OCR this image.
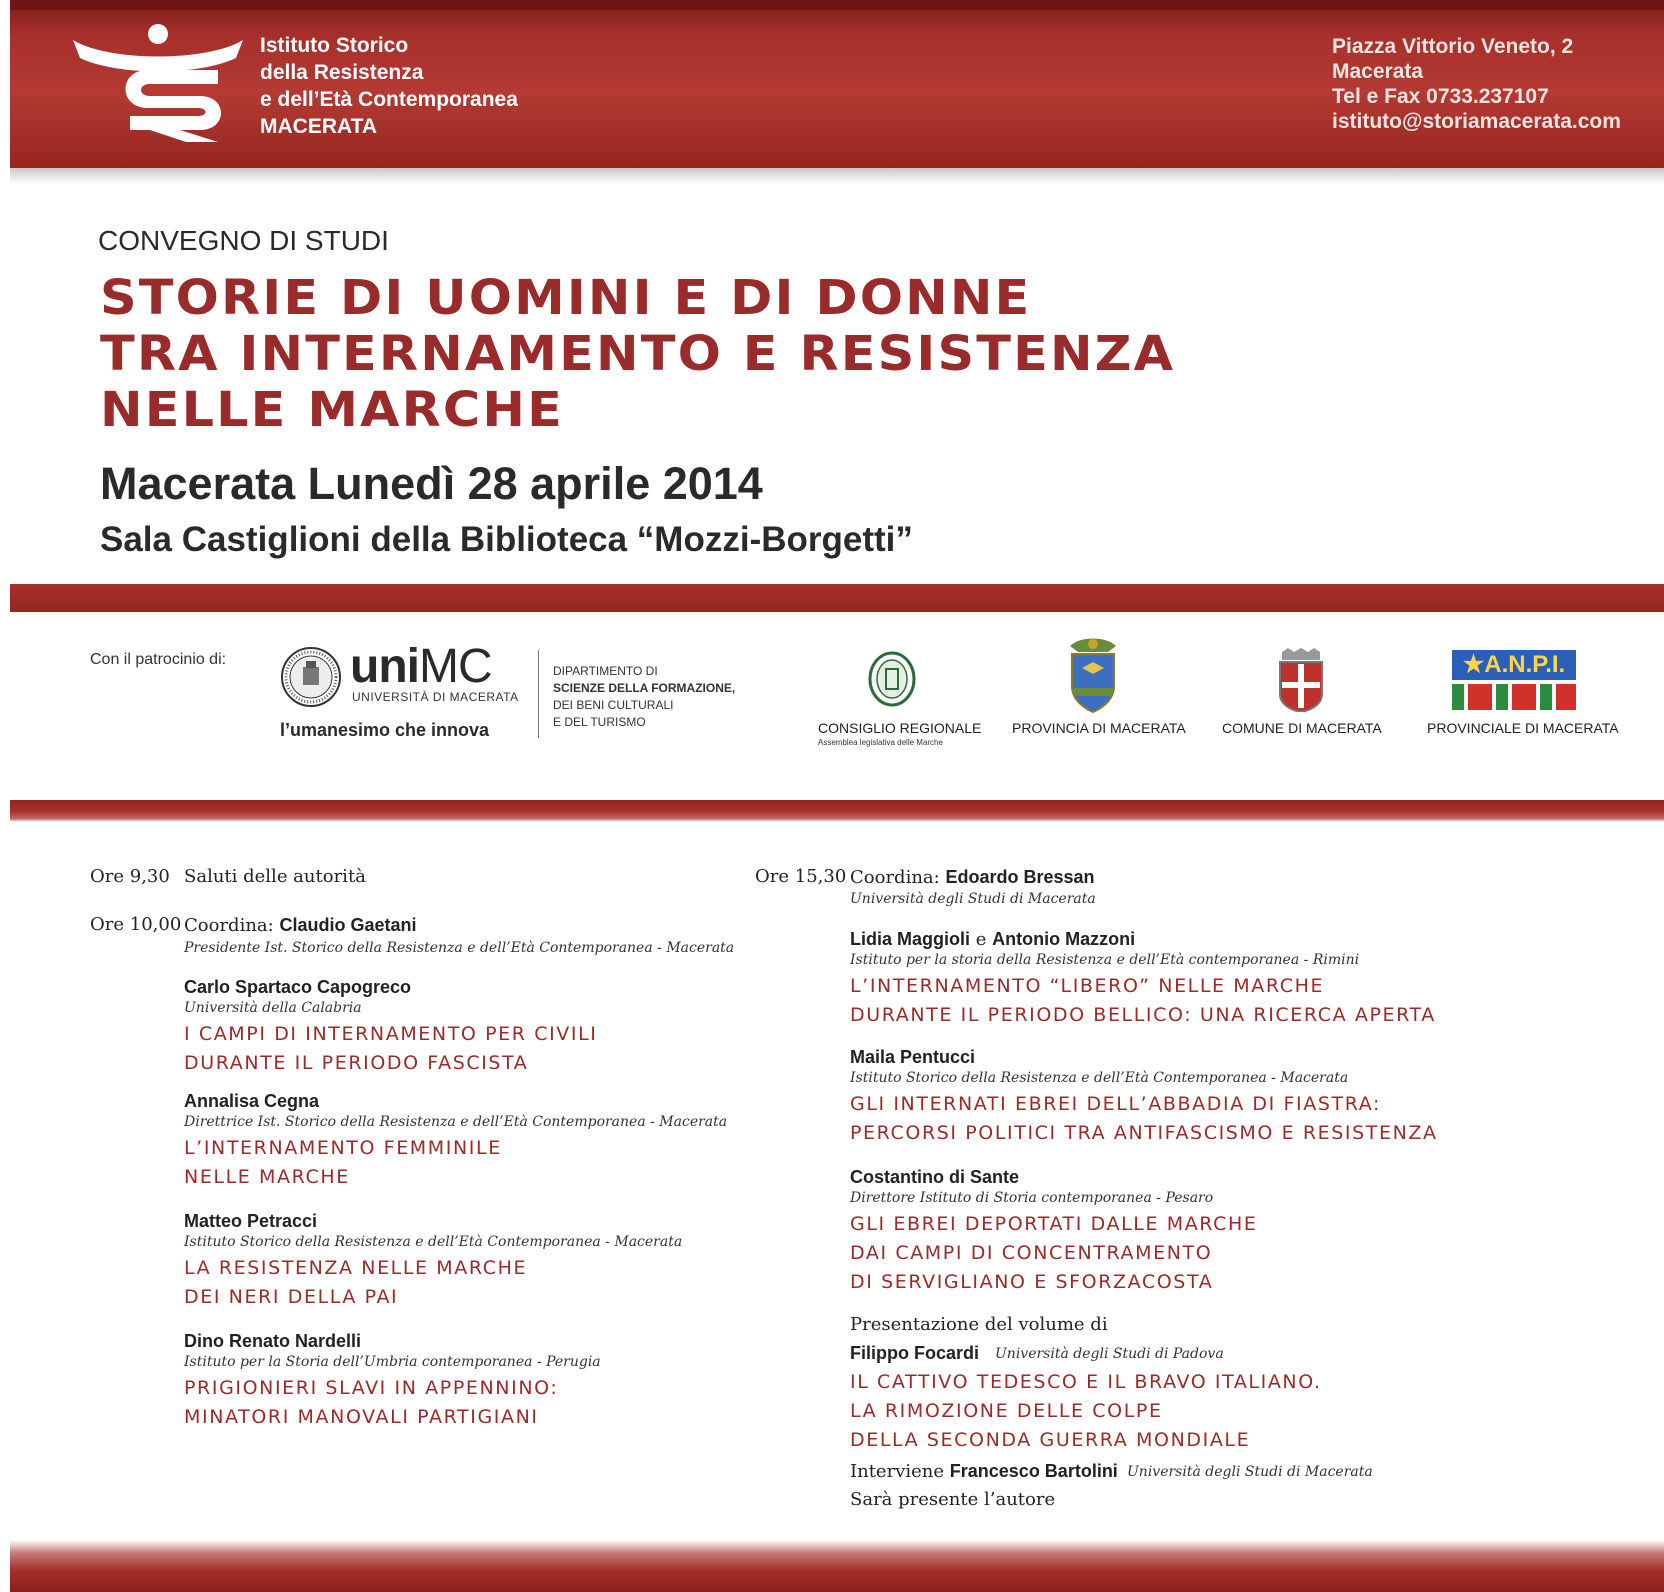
Istituto Storico
della Resistenza
e dell’Età Contemporanea
MACERATA
Piazza Vittorio Veneto, 2
Macerata
Tel e Fax 0733.237107
istituto@storiamacerata.com
CONVEGNO DI STUDI
STORIE DI UOMINI E DI DONNE
TRA INTERNAMENTO E RESISTENZA
NELLE MARCHE
Macerata Lunedì 28 aprile 2014
Sala Castiglioni della Biblioteca “Mozzi-Borgetti”
Con il patrocinio di:	uniMC
UNIVERSITÀ DI MACERATA
l’umanesimo che innova
DIPARTIMENTO DI
SCIENZE DELLA FORMAZIONE,
DEI BENI CULTURALI
E DEL TURISMO	CONSIGLIO REGIONALE
Assemblea legislativa delle Marche
PROVINCIA DI MACERATA	COMUNE DI MACERATA
★A.N.P.I.
PROVINCIALE DI MACERATA
Ore 9,30 Saluti delle autorità
Ore 10,00 Coordina: Claudio Gaetani
Presidente Ist. Storico della Resistenza e dell’Età Contemporanea - Macerata
Carlo Spartaco Capogreco
Università della Calabria
I CAMPI DI INTERNAMENTO PER CIVILI
DURANTE IL PERIODO FASCISTA
Annalisa Cegna
Direttrice Ist. Storico della Resistenza e dell’Età Contemporanea - Macerata
L’INTERNAMENTO FEMMINILE
NELLE MARCHE
Matteo Petracci
Istituto Storico della Resistenza e dell’Età Contemporanea - Macerata
LA RESISTENZA NELLE MARCHE
DEI NERI DELLA PAI
Dino Renato Nardelli
Istituto per la Storia dell’Umbria contemporanea - Perugia
PRIGIONIERI SLAVI IN APPENNINO:
MINATORI MANOVALI PARTIGIANI
Ore 15,30 Coordina: Edoardo Bressan
Università degli Studi di Macerata
Lidia Maggioli e Antonio Mazzoni
Istituto per la storia della Resistenza e dell’Età contemporanea - Rimini
L’INTERNAMENTO “LIBERO” NELLE MARCHE
DURANTE IL PERIODO BELLICO: UNA RICERCA APERTA
Maila Pentucci
Istituto Storico della Resistenza e dell’Età Contemporanea - Macerata
GLI INTERNATI EBREI DELL’ABBADIA DI FIASTRA:
PERCORSI POLITICI TRA ANTIFASCISMO E RESISTENZA
Costantino di Sante
Direttore Istituto di Storia contemporanea - Pesaro
GLI EBREI DEPORTATI DALLE MARCHE
DAI CAMPI DI CONCENTRAMENTO
DI SERVIGLIANO E SFORZACOSTA
Presentazione del volume di
Filippo Focardi Università degli Studi di Padova
IL CATTIVO TEDESCO E IL BRAVO ITALIANO.
LA RIMOZIONE DELLE COLPE
DELLA SECONDA GUERRA MONDIALE
Interviene Francesco Bartolini Università degli Studi di Macerata
Sarà presente l’autore
